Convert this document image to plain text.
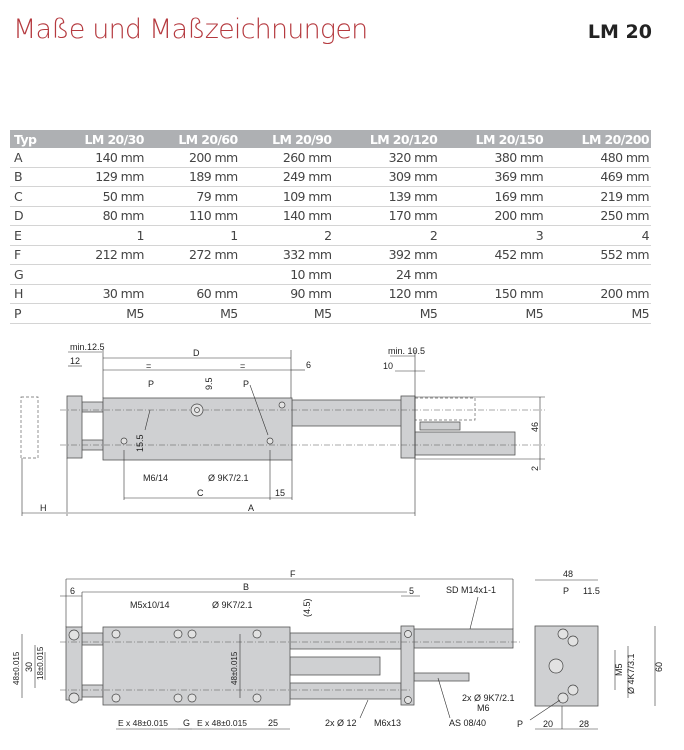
Maße und Maßzeichnungen	LM 20
Typ	LM 20/30	LM 20/60	LM 20/90	LM 20/120	LM 20/150	LM 20/200
A	140 mm	200 mm	260 mm	320 mm	380 mm	480 mm
B	129 mm	189 mm	249 mm	309 mm	369 mm	469 mm
C	50 mm	79 mm	109 mm	139 mm	169 mm	219 mm
D	80 mm	110 mm	140 mm	170 mm	200 mm	250 mm
E	1	1	2	2	3	4
F	212 mm	272 mm	332 mm	392 mm	452 mm	552 mm
G			10 mm	24 mm		
H	30 mm	60 mm	90 mm	120 mm	150 mm	200 mm
P	M5	M5	M5	M5	M5	M5
min.12.5
12
D
=	=	6
P	P
9.5
15.5
M6/14	Ø 9K7/2.1
C	15
H	A
min. 10.5
10
46
2
F
B
6	5
M5x10/14	Ø 9K7/2.1	(4.5)
SD M14x1-1
48±0.015 30 18±0.015	48±0.015
E x 48±0.015 G E x 48±0.015 25	2x Ø 12 M6x13	AS 08/40
48
P 11.5
2x Ø 9K7/2.1
M6
P 20	28
M5 Ø 4K7/3.1 60
